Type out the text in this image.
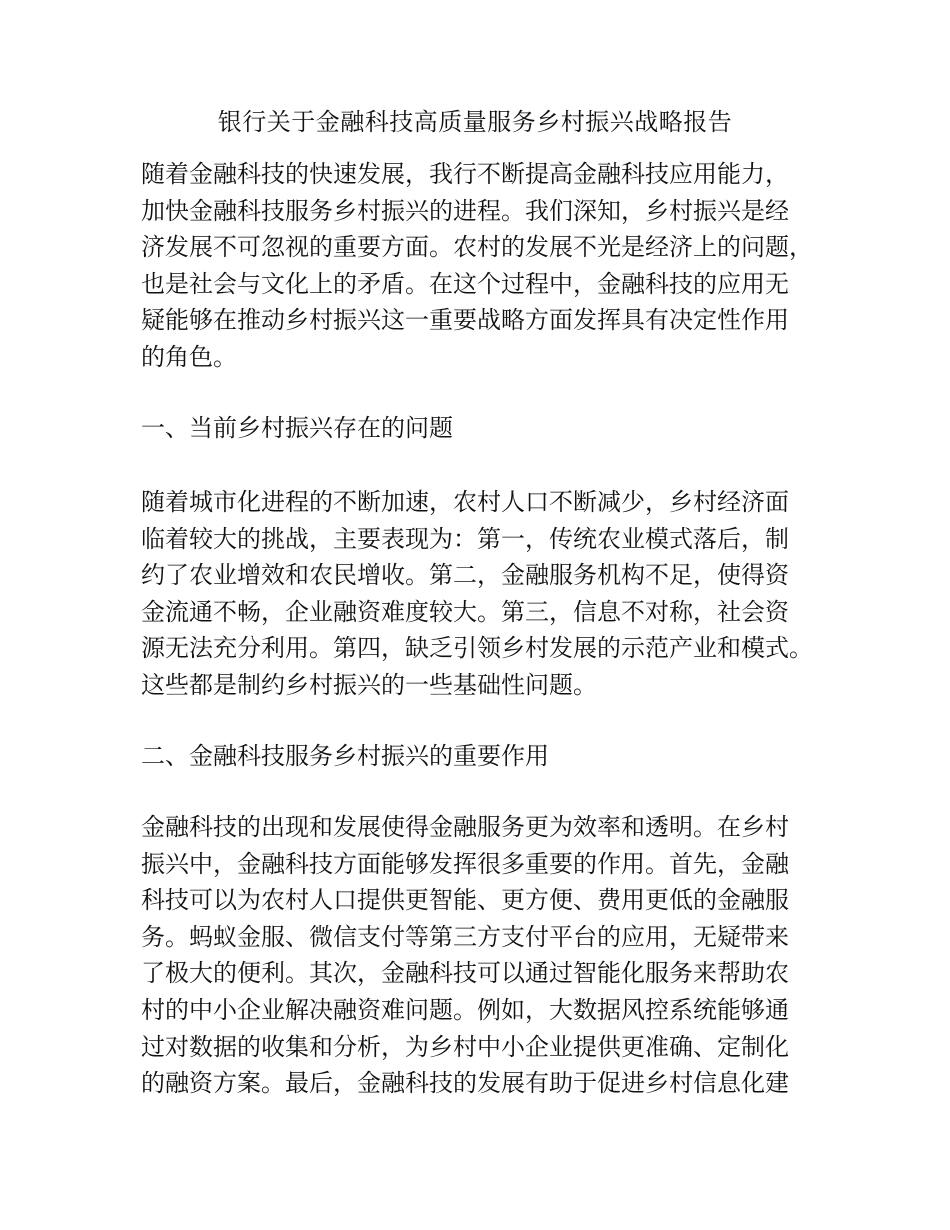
银行关于金融科技高质量服务乡村振兴战略报告
随着金融科技的快速发展，我行不断提高金融科技应用能力，
加快金融科技服务乡村振兴的进程。我们深知，乡村振兴是经
济发展不可忽视的重要方面。农村的发展不光是经济上的问题，
也是社会与文化上的矛盾。在这个过程中，金融科技的应用无
疑能够在推动乡村振兴这一重要战略方面发挥具有决定性作用
的角色。
一、当前乡村振兴存在的问题
随着城市化进程的不断加速，农村人口不断减少，乡村经济面
临着较大的挑战，主要表现为：第一，传统农业模式落后，制
约了农业增效和农民增收。第二，金融服务机构不足，使得资
金流通不畅，企业融资难度较大。第三，信息不对称，社会资
源无法充分利用。第四，缺乏引领乡村发展的示范产业和模式。
这些都是制约乡村振兴的一些基础性问题。
二、金融科技服务乡村振兴的重要作用
金融科技的出现和发展使得金融服务更为效率和透明。在乡村
振兴中，金融科技方面能够发挥很多重要的作用。首先，金融
科技可以为农村人口提供更智能、更方便、费用更低的金融服
务。蚂蚁金服、微信支付等第三方支付平台的应用，无疑带来
了极大的便利。其次，金融科技可以通过智能化服务来帮助农
村的中小企业解决融资难问题。例如，大数据风控系统能够通
过对数据的收集和分析，为乡村中小企业提供更准确、定制化
的融资方案。最后，金融科技的发展有助于促进乡村信息化建
